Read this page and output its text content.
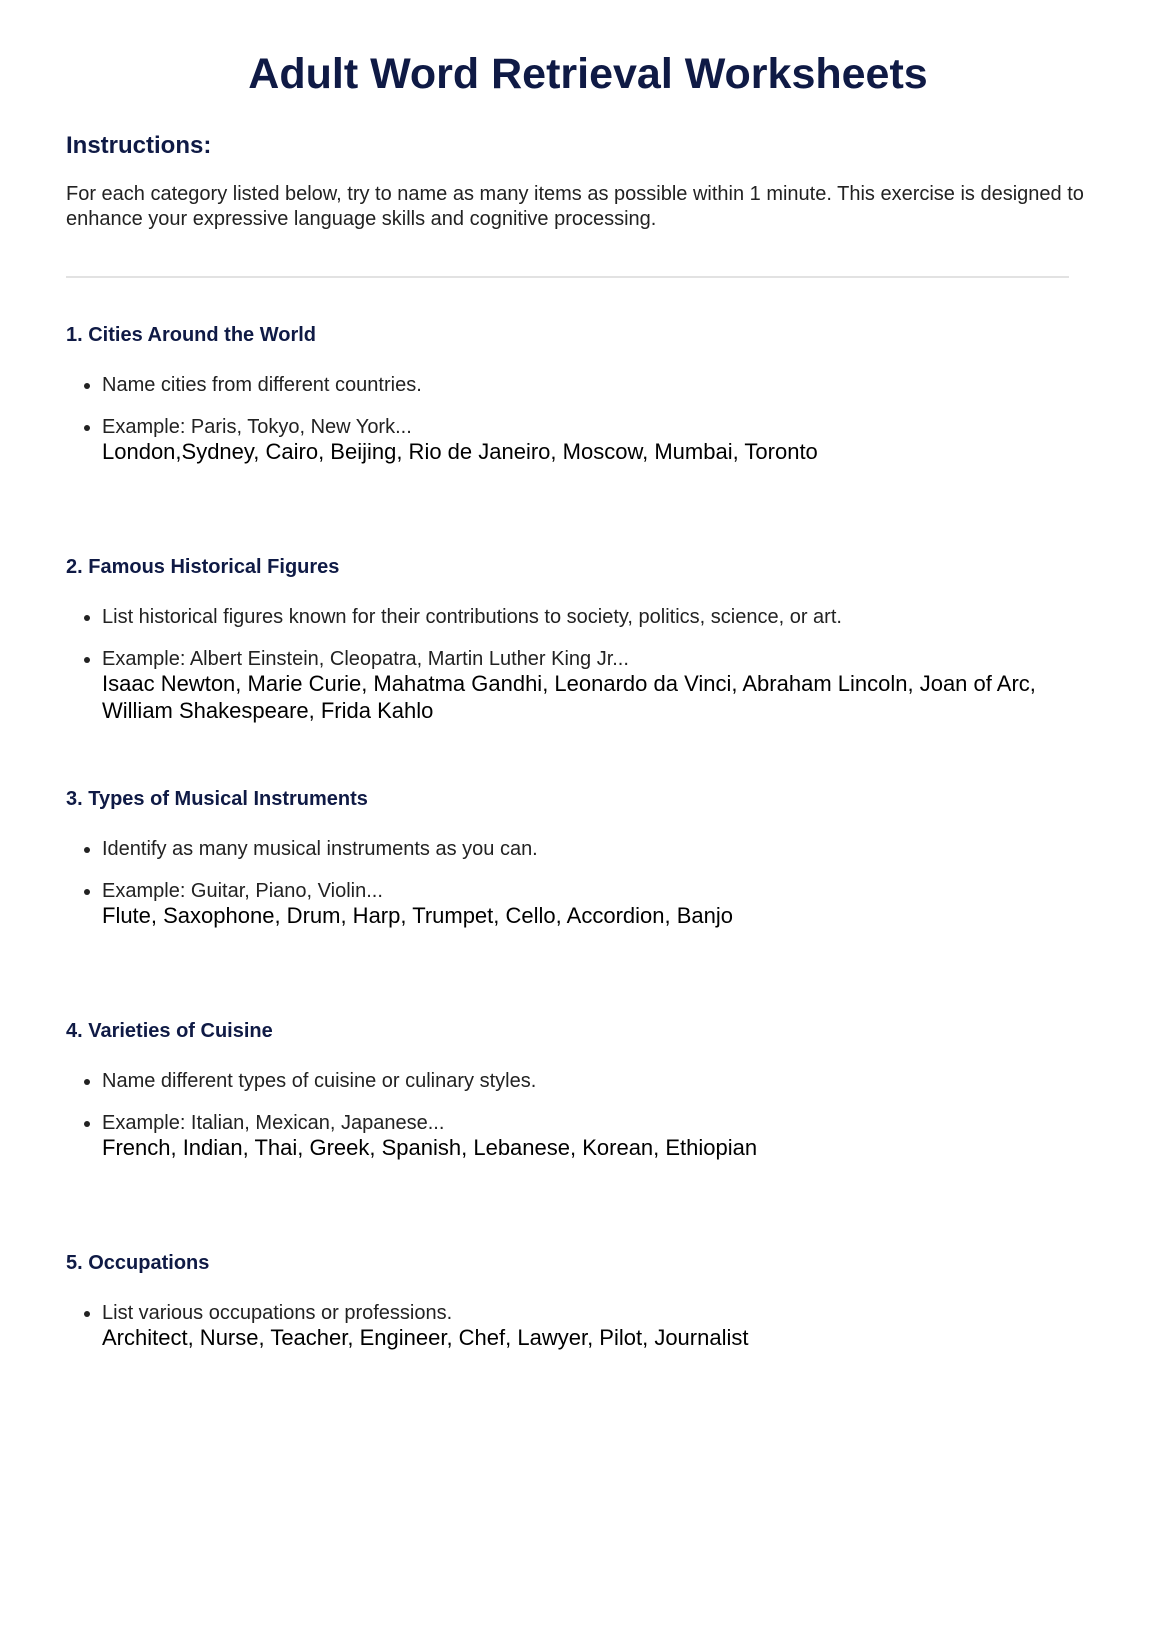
Adult Word Retrieval Worksheets
Instructions:

For each category listed below, try to name as many items as possible within 1 minute. This exercise is designed to enhance your expressive language skills and cognitive processing.

1. Cities Around the World
• Name cities from different countries.
• Example: Paris, Tokyo, New York...
London,Sydney, Cairo, Beijing, Rio de Janeiro, Moscow, Mumbai, Toronto
2. Famous Historical Figures
• List historical figures known for their contributions to society, politics, science, or art.
• Example: Albert Einstein, Cleopatra, Martin Luther King Jr...
Isaac Newton, Marie Curie, Mahatma Gandhi, Leonardo da Vinci, Abraham Lincoln, Joan of Arc, William Shakespeare, Frida Kahlo
3. Types of Musical Instruments
• Identify as many musical instruments as you can.
• Example: Guitar, Piano, Violin...
Flute, Saxophone, Drum, Harp, Trumpet, Cello, Accordion, Banjo
4. Varieties of Cuisine
• Name different types of cuisine or culinary styles.
• Example: Italian, Mexican, Japanese...
French, Indian, Thai, Greek, Spanish, Lebanese, Korean, Ethiopian
5. Occupations
• List various occupations or professions.
Architect, Nurse, Teacher, Engineer, Chef, Lawyer, Pilot, Journalist
